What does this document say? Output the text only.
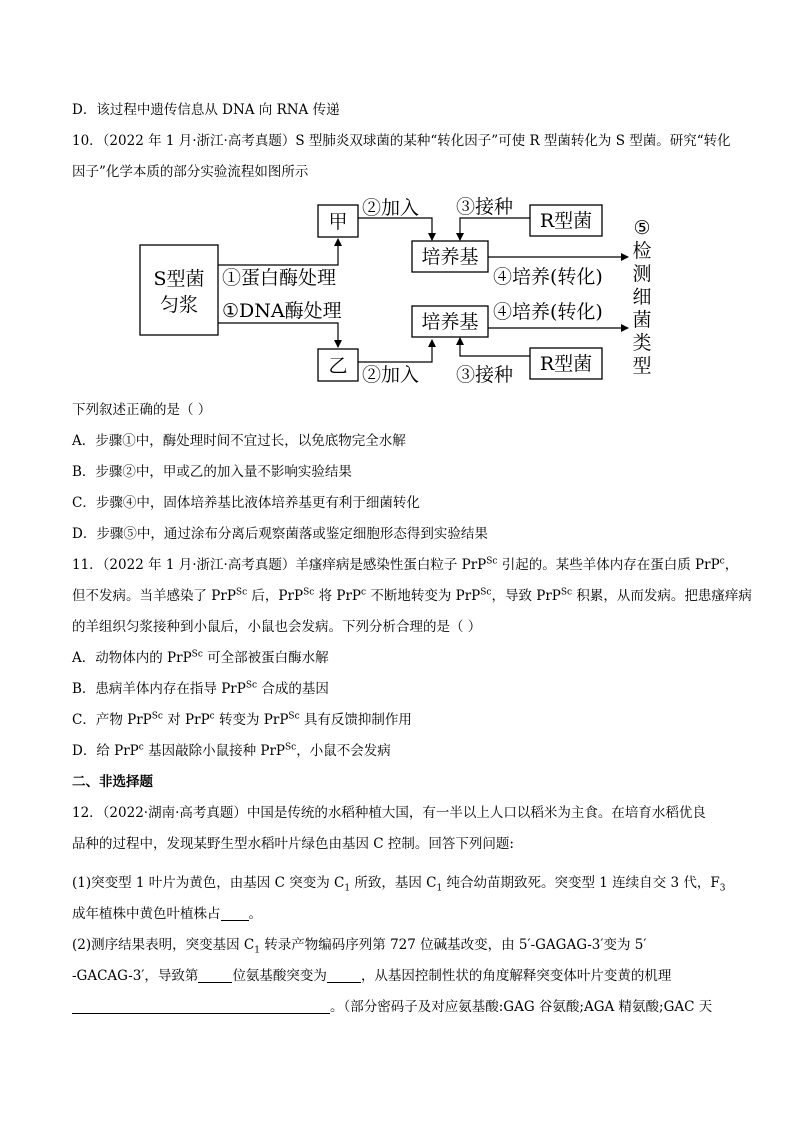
D．该过程中遗传信息从 DNA 向 RNA 传递
10．（2022 年 1 月·浙江·高考真题）S 型肺炎双球菌的某种“转化因子”可使 R 型菌转化为 S 型菌。研究“转化
因子”化学本质的部分实验流程如图所示
S型菌
匀浆
①蛋白酶处理
①DNA酶处理
甲
乙
②加入
②加入
培养基
培养基
R型菌
③接种
R型菌
③接种
④培养(转化)
④培养(转化)
⑤
检
测
细
菌
类
型
下列叙述正确的是（ ）
A．步骤①中，酶处理时间不宜过长，以免底物完全水解
B．步骤②中，甲或乙的加入量不影响实验结果
C．步骤④中，固体培养基比液体培养基更有利于细菌转化
D．步骤⑤中，通过涂布分离后观察菌落或鉴定细胞形态得到实验结果
11．（2022 年 1 月·浙江·高考真题）羊瘙痒病是感染性蛋白粒子 PrP$^{Sc}$ 引起的。某些羊体内存在蛋白质 PrP$^c$，
但不发病。当羊感染了 PrP$^{Sc}$ 后，PrP$^{Sc}$ 将 PrP$^c$ 不断地转变为 PrP$^{Sc}$，导致 PrP$^{Sc}$ 积累，从而发病。把患瘙痒病
的羊组织匀浆接种到小鼠后，小鼠也会发病。下列分析合理的是（ ）
A．动物体内的 PrP$^{Sc}$ 可全部被蛋白酶水解
B．患病羊体内存在指导 PrP$^{Sc}$ 合成的基因
C．产物 PrP$^{Sc}$ 对 PrP$^c$ 转变为 PrP$^{Sc}$ 具有反馈抑制作用
D．给 PrP$^c$ 基因敲除小鼠接种 PrP$^{Sc}$，小鼠不会发病
二、非选择题
12．（2022·湖南·高考真题）中国是传统的水稻种植大国，有一半以上人口以稻米为主食。在培育水稻优良
品种的过程中，发现某野生型水稻叶片绿色由基因 C 控制。回答下列问题:
(1)突变型 1 叶片为黄色，由基因 C 突变为 $C_1$ 所致，基因 $C_1$ 纯合幼苗期致死。突变型 1 连续自交 3 代，$F_3$
成年植株中黄色叶植株占 。
(2)测序结果表明，突变基因 $C_1$ 转录产物编码序列第 727 位碱基改变，由 5′-GAGAG-3′变为 5′
-GACAG-3′，导致第	位氨基酸突变为	，从基因控制性状的角度解释突变体叶片变黄的机理
。（部分密码子及对应氨基酸:GAG 谷氨酸;AGA 精氨酸;GAC 天
